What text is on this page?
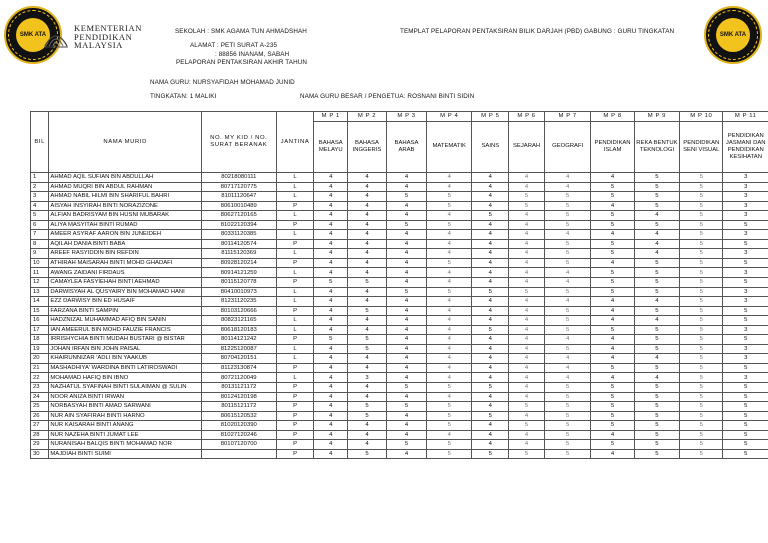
SMK ATA	SMK ATA
KEMENTERIAN
PENDIDIKAN
MALAYSIA
SEKOLAH : SMK AGAMA TUN AHMADSHAH
ALAMAT : PETI SURAT A-235
: 88856 INANAM, SABAH
PELAPORAN PENTAKSIRAN AKHIR TAHUN
TEMPLAT PELAPORAN PENTAKSIRAN BILIK DARJAH (PBD) GABUNG : GURU TINGKATAN
NAMA GURU: NURSYAFIDAH MOHAMAD JUNID
TINGKATAN: 1 MALIKI	NAMA GURU BESAR / PENGETUA: ROSNANI BINTI SIDIN
BIL	NAMA MURID	NO. MY KID / NO. SURAT BERANAK	JANTINA	M P 1	M P 2	M P 3	M P 4	M P 5	M P 6	M P 7	M P 8	M P 9	M P 10	M P 11
				BAHASA MELAYU	BAHASA INGGERIS	BAHASA ARAB	MATEMATIK	SAINS	SEJARAH	GEOGRAFI	PENDIDIKAN ISLAM	REKA BENTUK TEKNOLOGI	PENDIDIKAN SENI VISUAL	PENDIDIKAN JASMANI DAN PENDIDIKAN KESIHATAN
1	AHMAD AQIL SUFIAN BIN ABDULLAH	80218080111	L	4	4	4	4	4	4	4	4	5	5	3
2	AHMAD MUQRI BIN ABDUL RAHMAN	80717120775	L	4	4	4	4	4	4	4	5	5	5	3
3	AHMAD NABIL HILMI BIN SHARIFUL BAHRI	81011120647	L	4	4	5	5	4	5	5	5	5	5	3
4	AISYAH INSYIRAH BINTI NORAZIZONE	80610010489	P	4	4	4	5	4	5	5	4	5	5	3
5	ALFIAN BADRISYAM BIN HUSNI MUBARAK	80627120165	L	4	4	4	4	5	4	5	5	4	5	3
6	ALIYA MASYITAH BINTI RUMAD	81022120394	P	4	4	5	5	4	4	5	5	5	5	5
7	AMEER ASYRAF AARON BIN JUNEIDEH	80331120385	L	4	4	4	4	4	4	4	4	4	5	3
8	AQILAH DANIA BINTI BABA	80114120574	P	4	4	4	4	4	4	5	5	4	5	5
9	AREEF RASYIDDIN BIN REFDIN	81115120369	L	4	4	4	4	4	4	5	5	4	5	3
10	ATHIRAH MAISARAH BINTI MOHD GHADAFI	80928120214	P	4	4	4	5	4	4	5	4	5	5	5
11	AWANG ZAIDANI FIRDAUS	80914121259	L	4	4	4	4	4	4	4	5	5	5	3
12	CAMAYLEA FASYIEHAH BINTI AEHMAD	80115120778	P	5	5	4	4	4	4	4	5	5	5	5
13	DARWISYAH AL QUSYAIRY BIN MOHAMAD HANI	80410010973	L	4	4	5	5	5	5	5	5	5	5	3
14	EZZ DARWISY BIN ED HUSAIF	81231120235	L	4	4	4	4	4	4	4	4	4	5	3
15	FARZANA BINTI SAMPIN	80103120666	P	4	5	4	4	4	4	5	4	5	5	5
16	HADZNIZAL MUHAMMAD AFIQ BIN SANIN	80823121165	L	4	4	4	4	4	4	5	4	4	5	5
17	IAN AMEERUL BIN MOHD FAUZIE FRANCIS	80618120183	L	4	4	4	4	5	4	5	5	5	5	3
18	IRRISHYCHIA BINTI MUDAH BUSTARI @ BISTAR	80114121242	P	5	5	4	4	4	4	4	4	5	5	5
19	JOHAN IRFAN BIN JOHN PAISAL	81225120087	L	4	5	4	4	4	4	5	4	5	5	3
20	KHAIRUNNIZAR 'ADLI BIN YAAKUB	80704120151	L	4	4	4	4	4	4	4	4	4	5	3
21	MASHADHIYA' WARDINA BINTI LATIROSWADI	81123130874	P	4	4	4	4	4	4	4	5	5	5	5
22	MOHAMAD HAFIQ BIN IBNO	80721120049	L	4	3	4	4	4	4	4	4	4	5	3
23	NAZHATUL SYAFINAH BINTI SULAIMAN @ SULIN	80131121172	P	4	4	5	5	5	4	5	5	5	5	5
24	NOOR ANIZA BINTI IRWAN	80124120198	P	4	4	4	4	4	4	5	5	5	5	5
25	NORBASYAH BINTI AMAD SARWANI	80115121172	P	4	5	5	5	4	5	5	5	5	5	5
26	NUR AIN SYAFIRAH BINTI HARNO	80615120532	P	4	5	4	5	5	4	5	5	5	5	5
27	NUR KAISARAH BINTI ANANG	81020120390	P	4	4	4	5	4	5	5	5	5	5	5
28	NUR NAZEHA BINTI JUMAT LEE	81027120246	P	4	4	4	4	4	4	5	4	5	5	5
29	NURANISAH BALQIS BINTI MOHAMAD NOR	80107120700	P	4	4	5	5	4	4	5	5	5	5	5
30	MAJDIAH BINTI SUIMI		P	4	5	4	5	5	5	5	4	5	5	5
